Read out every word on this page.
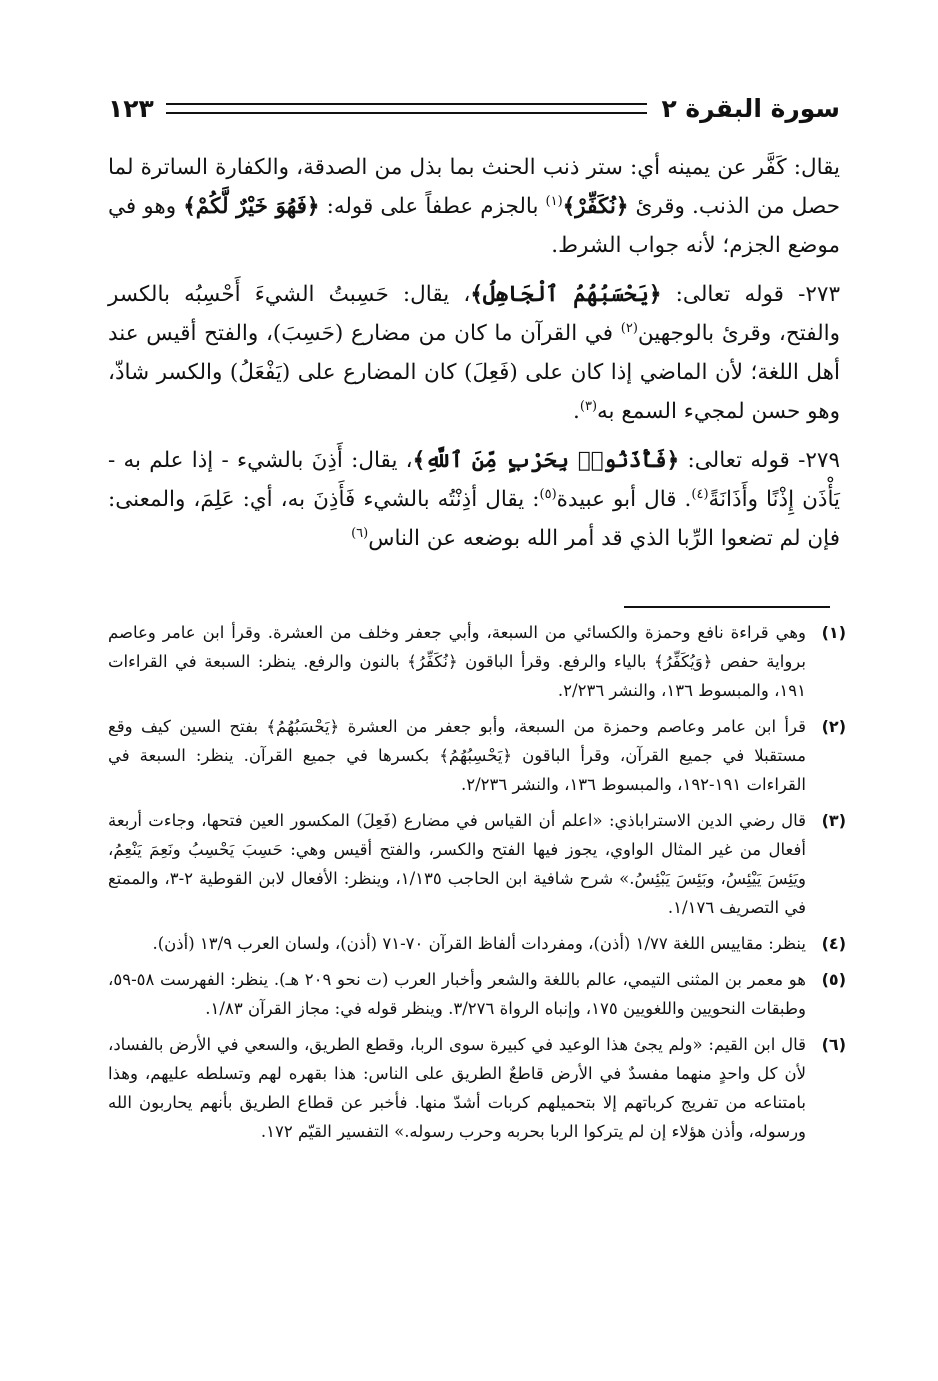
سورة البقرة ٢
١٢٣

يقال: كَفَّر عن يمينه أي: ستر ذنب الحنث بما بذل من الصدقة، والكفارة الساترة لما حصل من الذنب. وقرئ ﴿نُكَفِّرْ﴾$^{(١)}$ بالجزم عطفاً على قوله: ﴿فَهُوَ خَيْرٌ لَّكُمْ﴾ وهو في موضع الجزم؛ لأنه جواب الشرط.

٢٧٣- قوله تعالى: ﴿يَحْسَبُهُمُ ٱلْجَاهِلُ﴾، يقال: حَسِبتُ الشيءَ أَحْسِبُه بالكسر والفتح، وقرئ بالوجهين$^{(٢)}$ في القرآن ما كان من مضارع (حَسِبَ)، والفتح أقيس عند أهل اللغة؛ لأن الماضي إذا كان على (فَعِلَ) كان المضارع على (يَفْعَلُ) والكسر شاذّ، وهو حسن لمجيء السمع به$^{(٣)}$.

٢٧٩- قوله تعالى: ﴿فَأْذَنُوا۟ بِحَرْبٍ مِّنَ ٱللَّهِ﴾، يقال: أَذِنَ بالشيء - إذا علم به - يَأْذَن إِذْنًا وأَذَانَةً$^{(٤)}$. قال أبو عبيدة$^{(٥)}$: يقال أذِنْتُه بالشيء فَأَذِنَ به، أي: عَلِمَ، والمعنى: فإن لم تضعوا الرِّبا الذي قد أمر الله بوضعه عن الناس$^{(٦)}$

(١)
وهي قراءة نافع وحمزة والكسائي من السبعة، وأبي جعفر وخلف من العشرة. وقرأ ابن عامر وعاصم برواية حفص ﴿وَيُكَفِّرُ﴾ بالياء والرفع. وقرأ الباقون ﴿نُكَفِّرُ﴾ بالنون والرفع. ينظر: السبعة في القراءات ١٩١، والمبسوط ١٣٦، والنشر ٢/٢٣٦.
(٢)
قرأ ابن عامر وعاصم وحمزة من السبعة، وأبو جعفر من العشرة ﴿يَحْسَبُهُمُ﴾ بفتح السين كيف وقع مستقبلا في جميع القرآن، وقرأ الباقون ﴿يَحْسِبُهُمُ﴾ بكسرها في جميع القرآن. ينظر: السبعة في القراءات ١٩١-١٩٢، والمبسوط ١٣٦، والنشر ٢/٢٣٦.
(٣)
قال رضي الدين الاستراباذي: «اعلم أن القياس في مضارع (فَعِلَ) المكسور العين فتحها، وجاءت أربعة أفعال من غير المثال الواوي، يجوز فيها الفتح والكسر، والفتح أقيس وهي: حَسِبَ يَحْسِبُ ونَعِمَ يَنْعِمُ، ويَئِسَ يَيْئِسُ، وبَئِسَ يَبْئِسُ.» شرح شافية ابن الحاجب ١/١٣٥، وينظر: الأفعال لابن القوطية ٢-٣، والممتع في التصريف ١/١٧٦.
(٤)
ينظر: مقاييس اللغة ١/٧٧ (أذن)، ومفردات ألفاظ القرآن ٧٠-٧١ (أذن)، ولسان العرب ١٣/٩ (أذن).
(٥)
هو معمر بن المثنى التيمي، عالم باللغة والشعر وأخبار العرب (ت نحو ٢٠٩ هـ). ينظر: الفهرست ٥٨-٥٩، وطبقات النحويين واللغويين ١٧٥، وإنباه الرواة ٣/٢٧٦. وينظر قوله في: مجاز القرآن ١/٨٣.
(٦)
قال ابن القيم: «ولم يجئ هذا الوعيد في كبيرة سوى الربا، وقطع الطريق، والسعي في الأرض بالفساد، لأن كل واحدٍ منهما مفسدٌ في الأرض قاطعٌ الطريق على الناس: هذا بقهره لهم وتسلطه عليهم، وهذا بامتناعه من تفريج كرباتهم إلا بتحميلهم كربات أشدّ منها. فأخبر عن قطاع الطريق بأنهم يحاربون الله ورسوله، وأذن هؤلاء إن لم يتركوا الربا بحربه وحرب رسوله.» التفسير القيّم ١٧٢.
